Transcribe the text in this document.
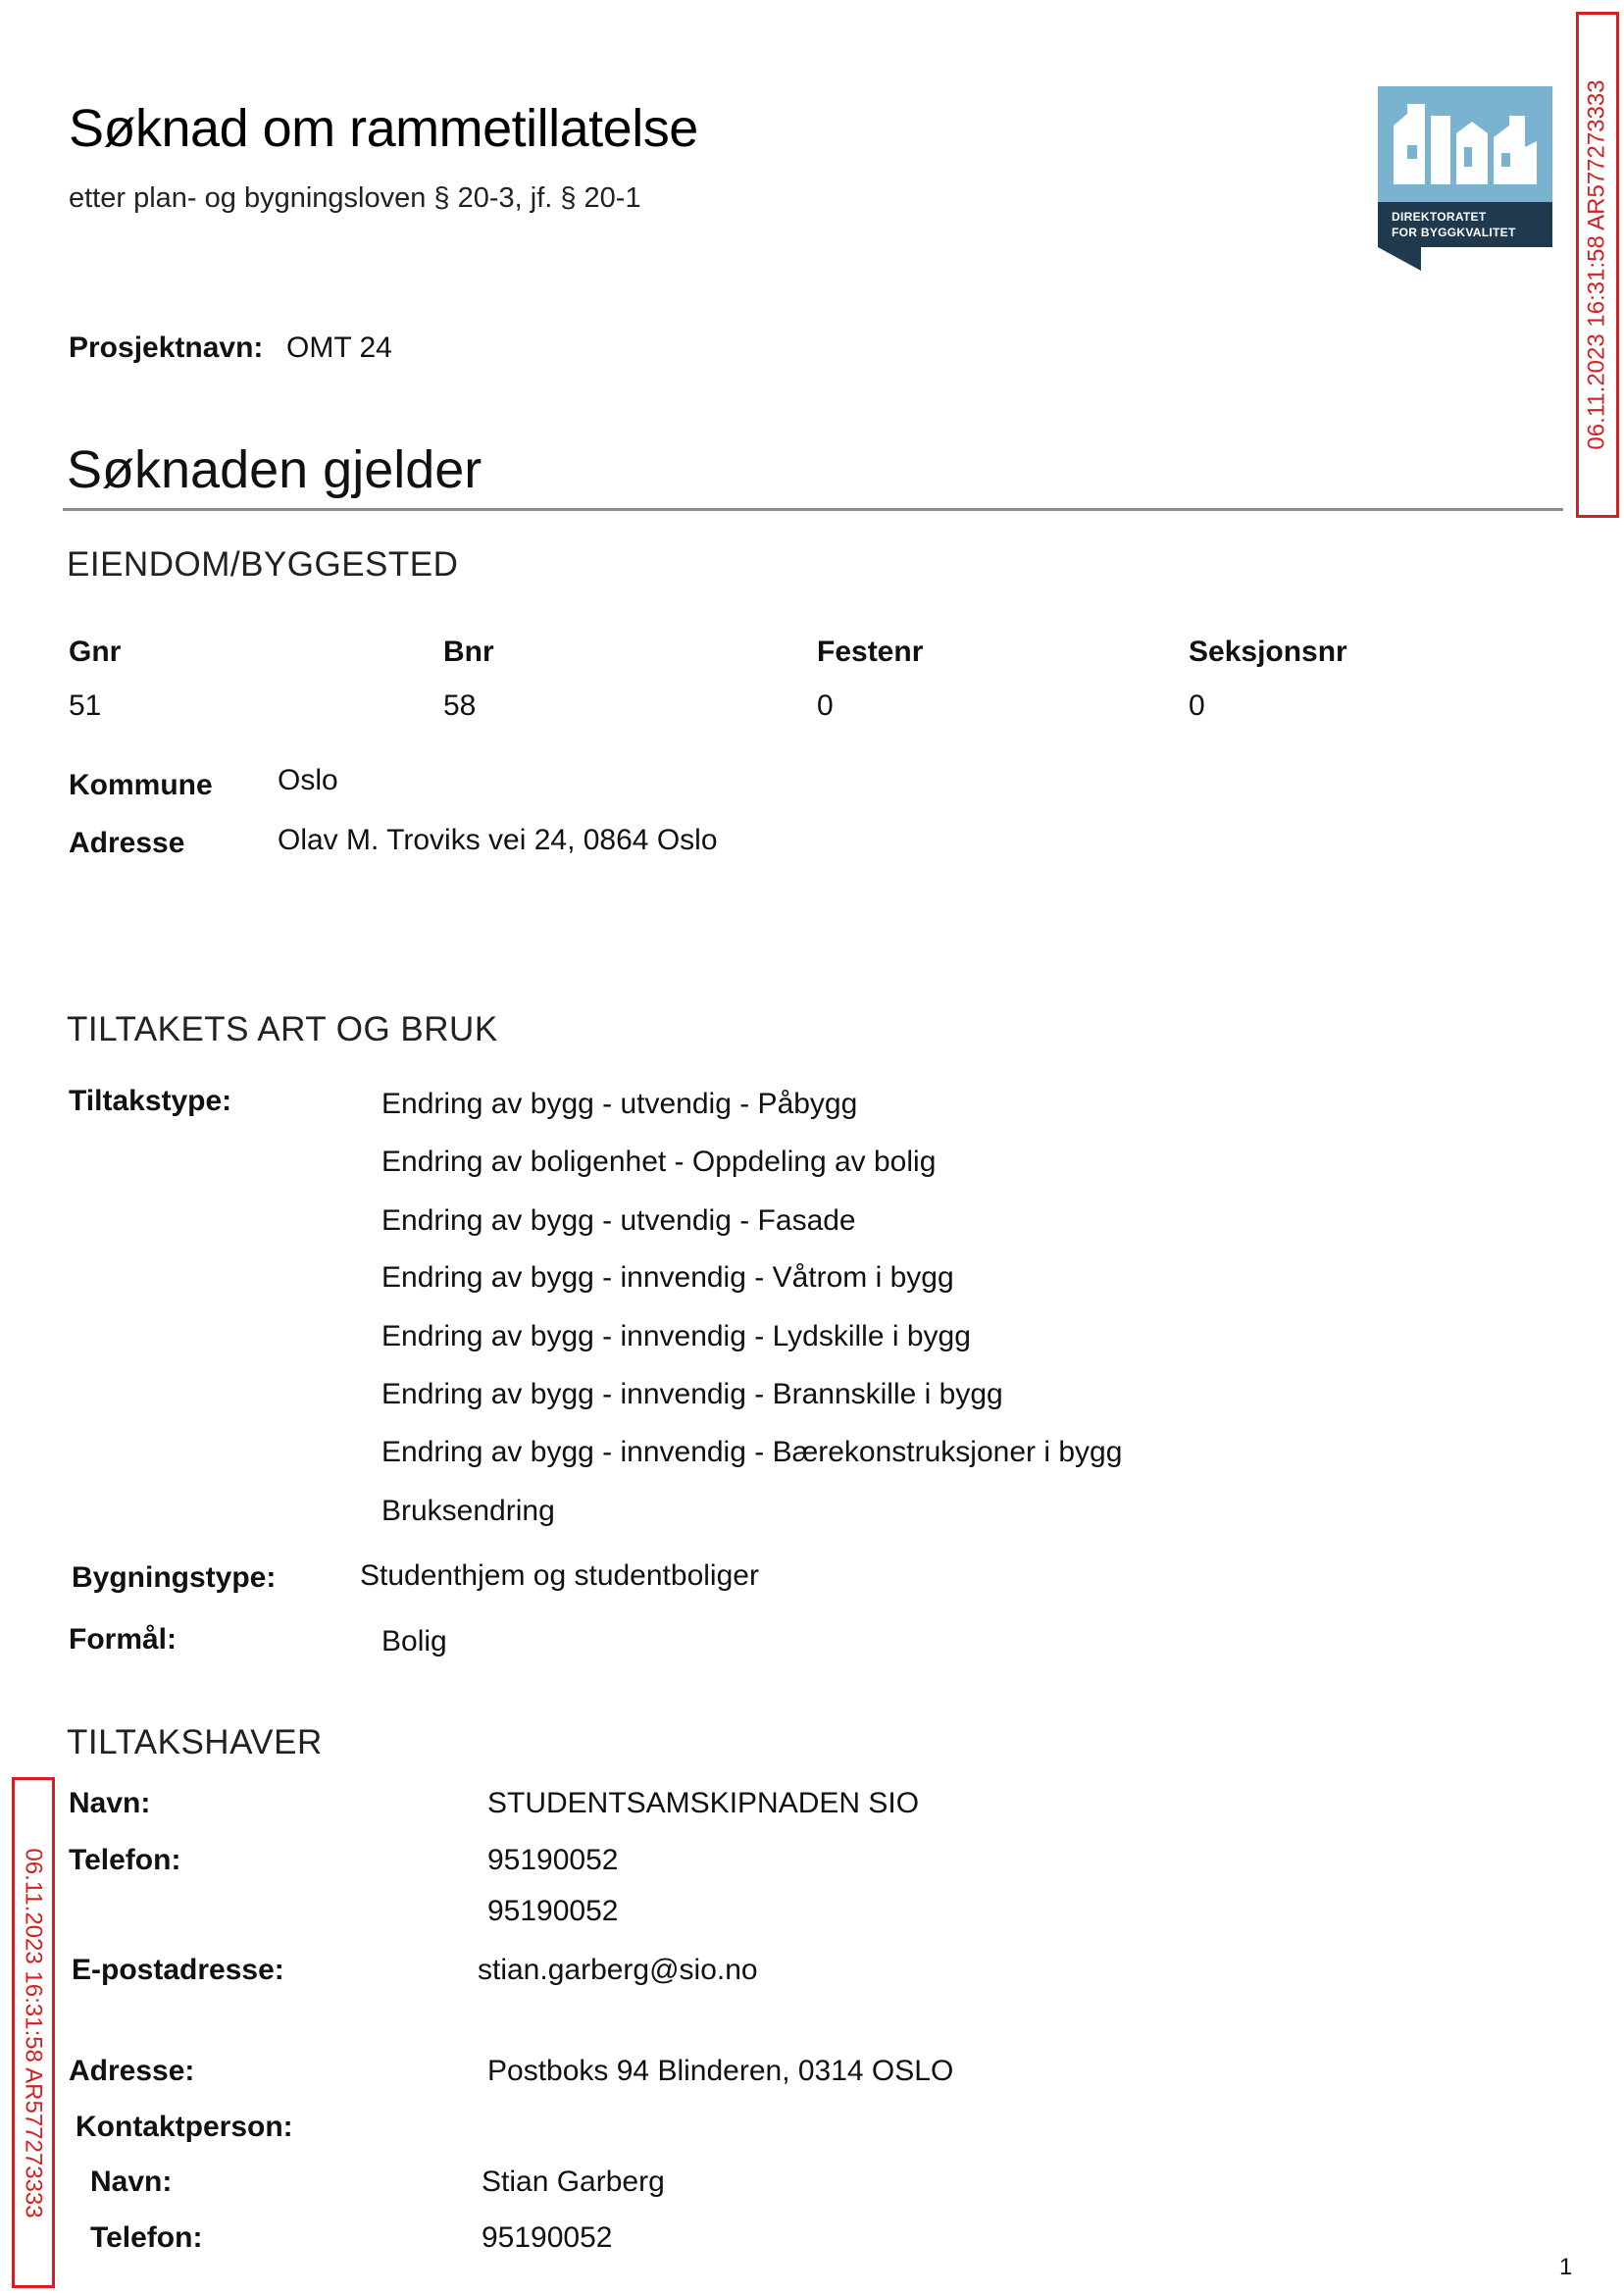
Søknad om rammetillatelse
etter plan- og bygningsloven § 20-3, jf. § 20-1
DIREKTORATET
FOR BYGGKVALITET	06.11.2023 16:31:58 AR577273333
Prosjektnavn: OMT 24
Søknaden gjelder
EIENDOM/BYGGESTED
Gnr	Bnr	Festenr	Seksjonsnr
51	58	0	0
Kommune Oslo
Adresse	Olav M. Troviks vei 24, 0864 Oslo
TILTAKETS ART OG BRUK
Tiltakstype:	Endring av bygg - utvendig - Påbygg
Endring av boligenhet - Oppdeling av bolig
Endring av bygg - utvendig - Fasade
Endring av bygg - innvendig - Våtrom i bygg
Endring av bygg - innvendig - Lydskille i bygg
Endring av bygg - innvendig - Brannskille i bygg
Endring av bygg - innvendig - Bærekonstruksjoner i bygg
Bruksendring
Bygningstype:	Studenthjem og studentboliger
Formål:	Bolig
TILTAKSHAVER
Navn:	STUDENTSAMSKIPNADEN SIO
Telefon:	95190052
95190052
E-postadresse:	stian.garberg@sio.no
Adresse:	Postboks 94 Blinderen, 0314 OSLO
Kontaktperson:
Navn:	Stian Garberg
Telefon:	95190052
06.11.2023 16:31:58 AR577273333
1
